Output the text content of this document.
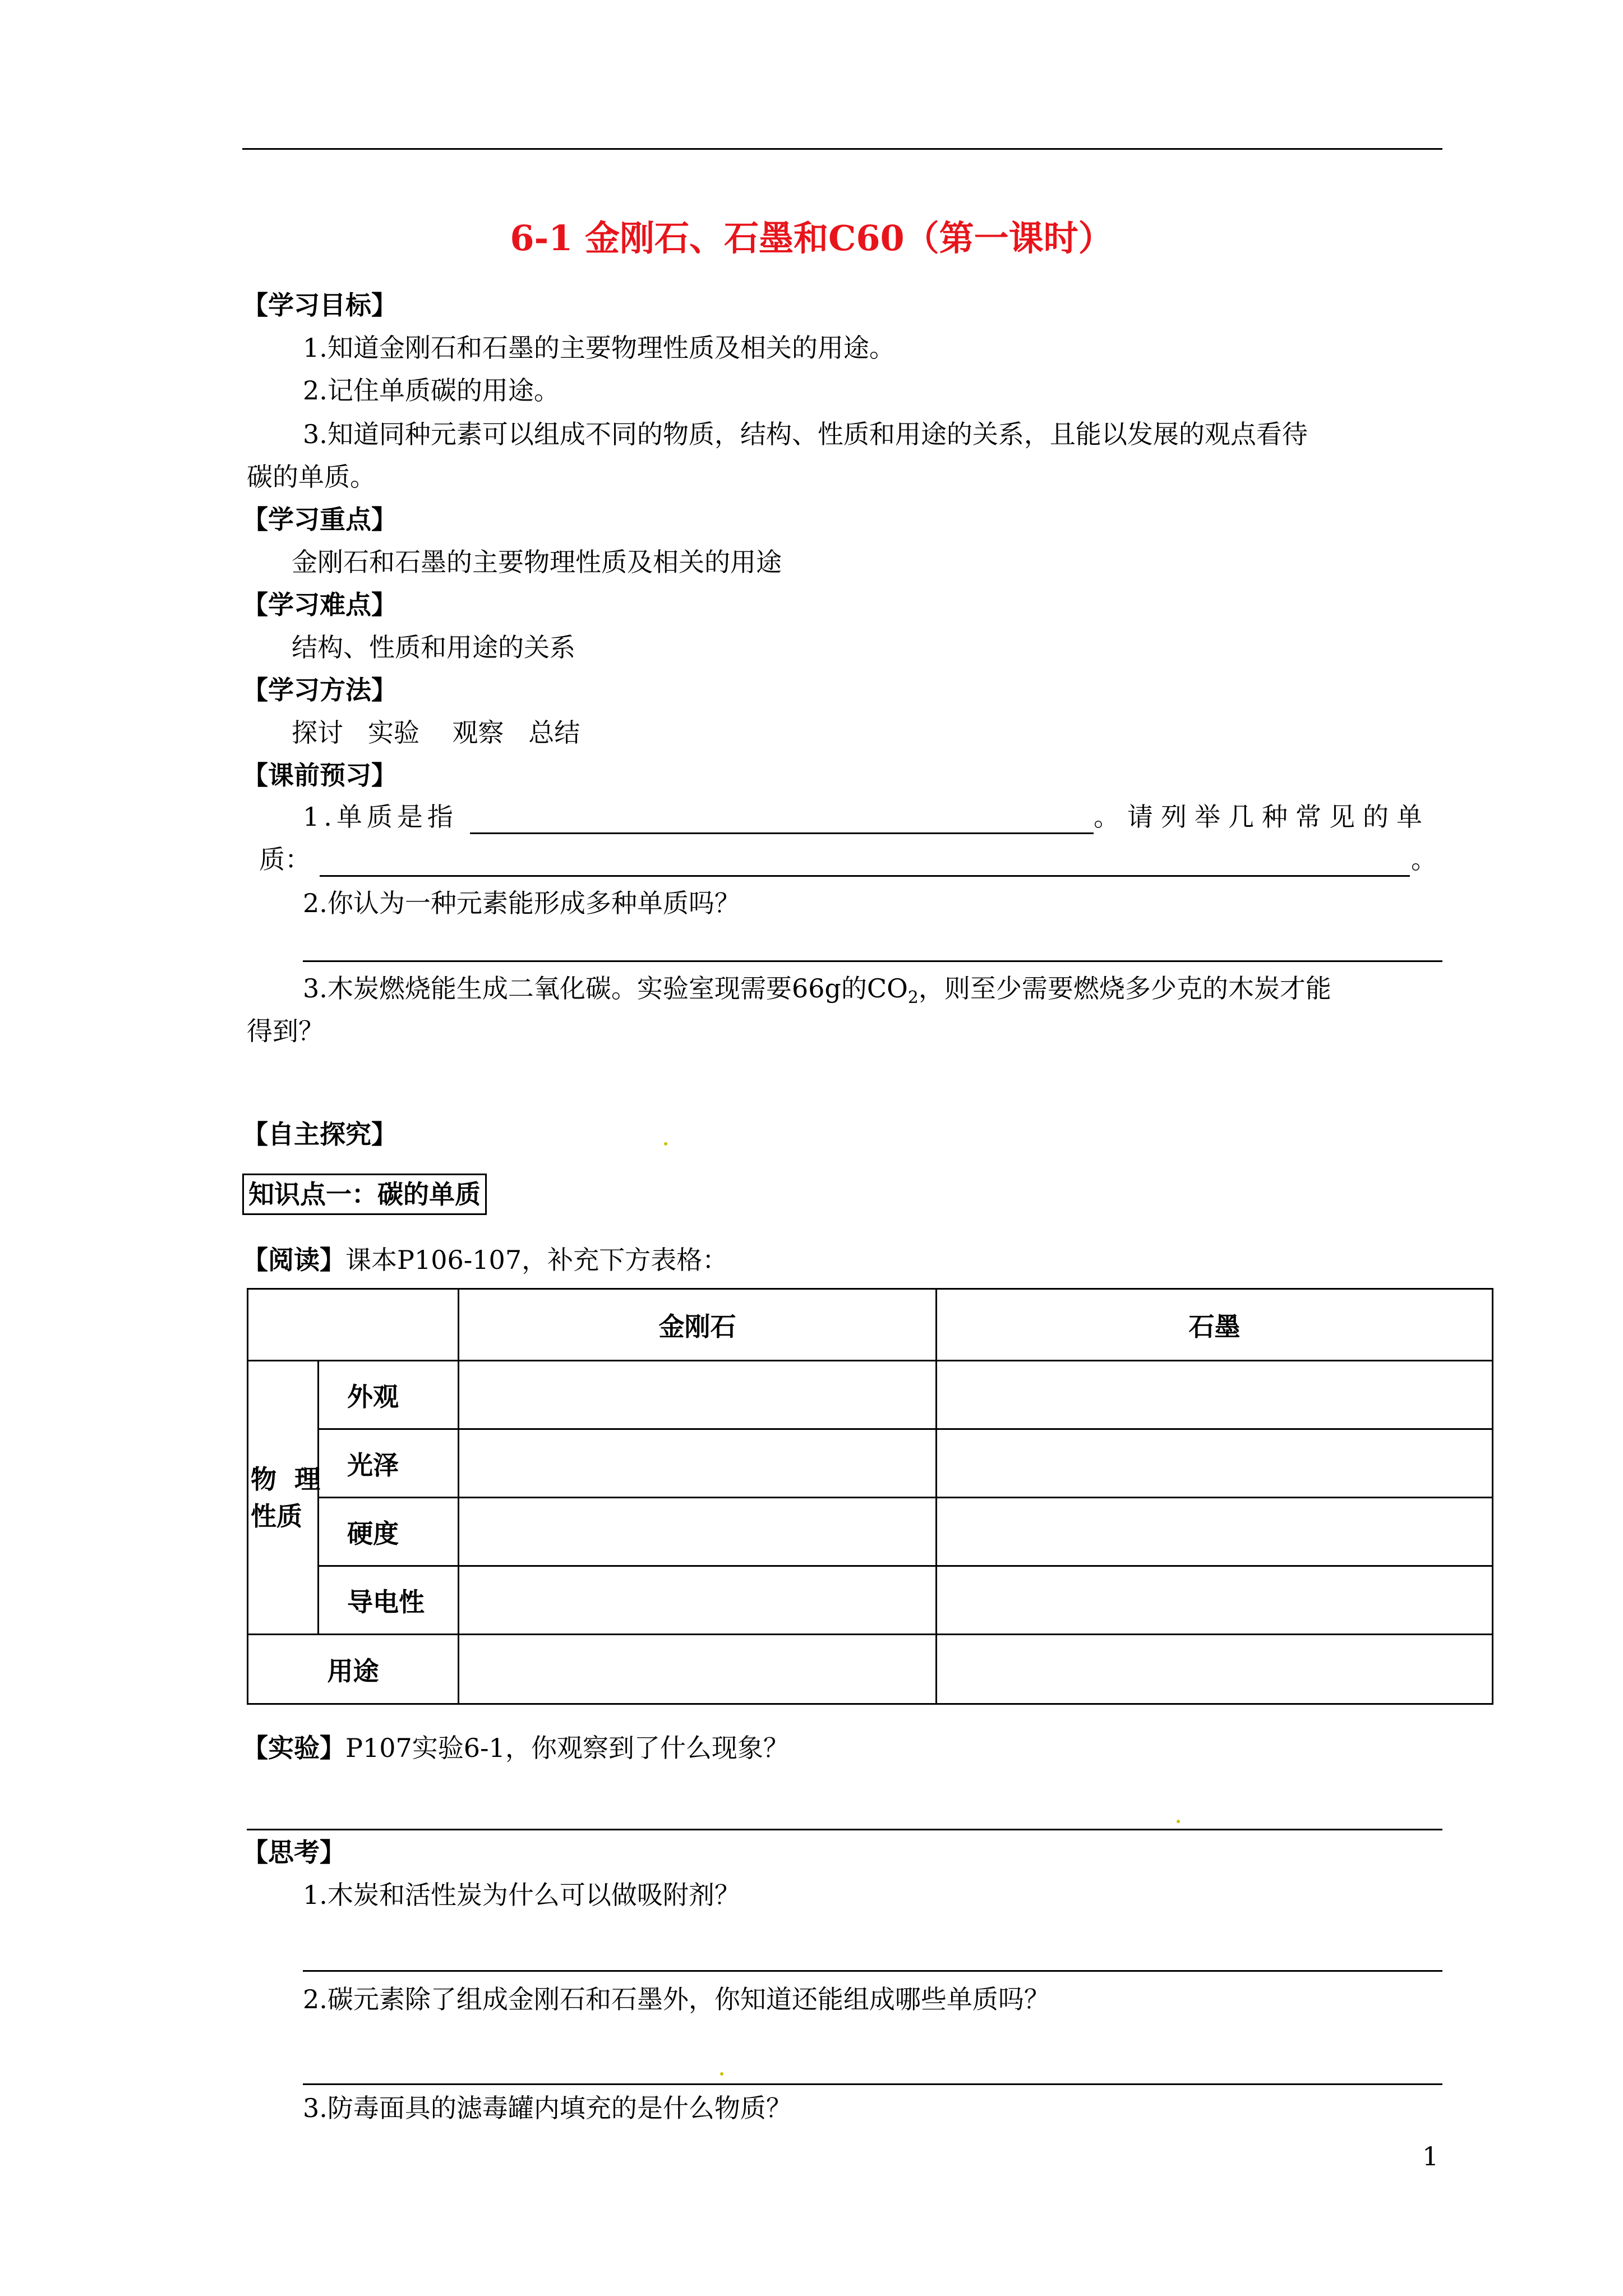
6-1 金刚石、石墨和C60（第一课时）
【学习目标】
1.知道金刚石和石墨的主要物理性质及相关的用途。
2.记住单质碳的用途。
3.知道同种元素可以组成不同的物质，结构、性质和用途的关系，且能以发展的观点看待
碳的单质。
【学习重点】
金刚石和石墨的主要物理性质及相关的用途
【学习难点】
结构、性质和用途的关系
【学习方法】
探讨   实验    观察   总结
【课前预习】
1.单质是指	。请列举几种常见的单
质：	。
2.你认为一种元素能形成多种单质吗？
3.木炭燃烧能生成二氧化碳。实验室现需要66g的$CO_2$，则至少需要燃烧多少克的木炭才能
得到？
【自主探究】
知识点一：碳的单质
【阅读】课本P106-107，补充下方表格：
		金刚石	石墨

物  理
性质	外观		
	光泽		
	硬度		
	导电性		
用途			
【实验】P107实验6-1，你观察到了什么现象？
【思考】
1.木炭和活性炭为什么可以做吸附剂？
2.碳元素除了组成金刚石和石墨外，你知道还能组成哪些单质吗？
3.防毒面具的滤毒罐内填充的是什么物质？
1
